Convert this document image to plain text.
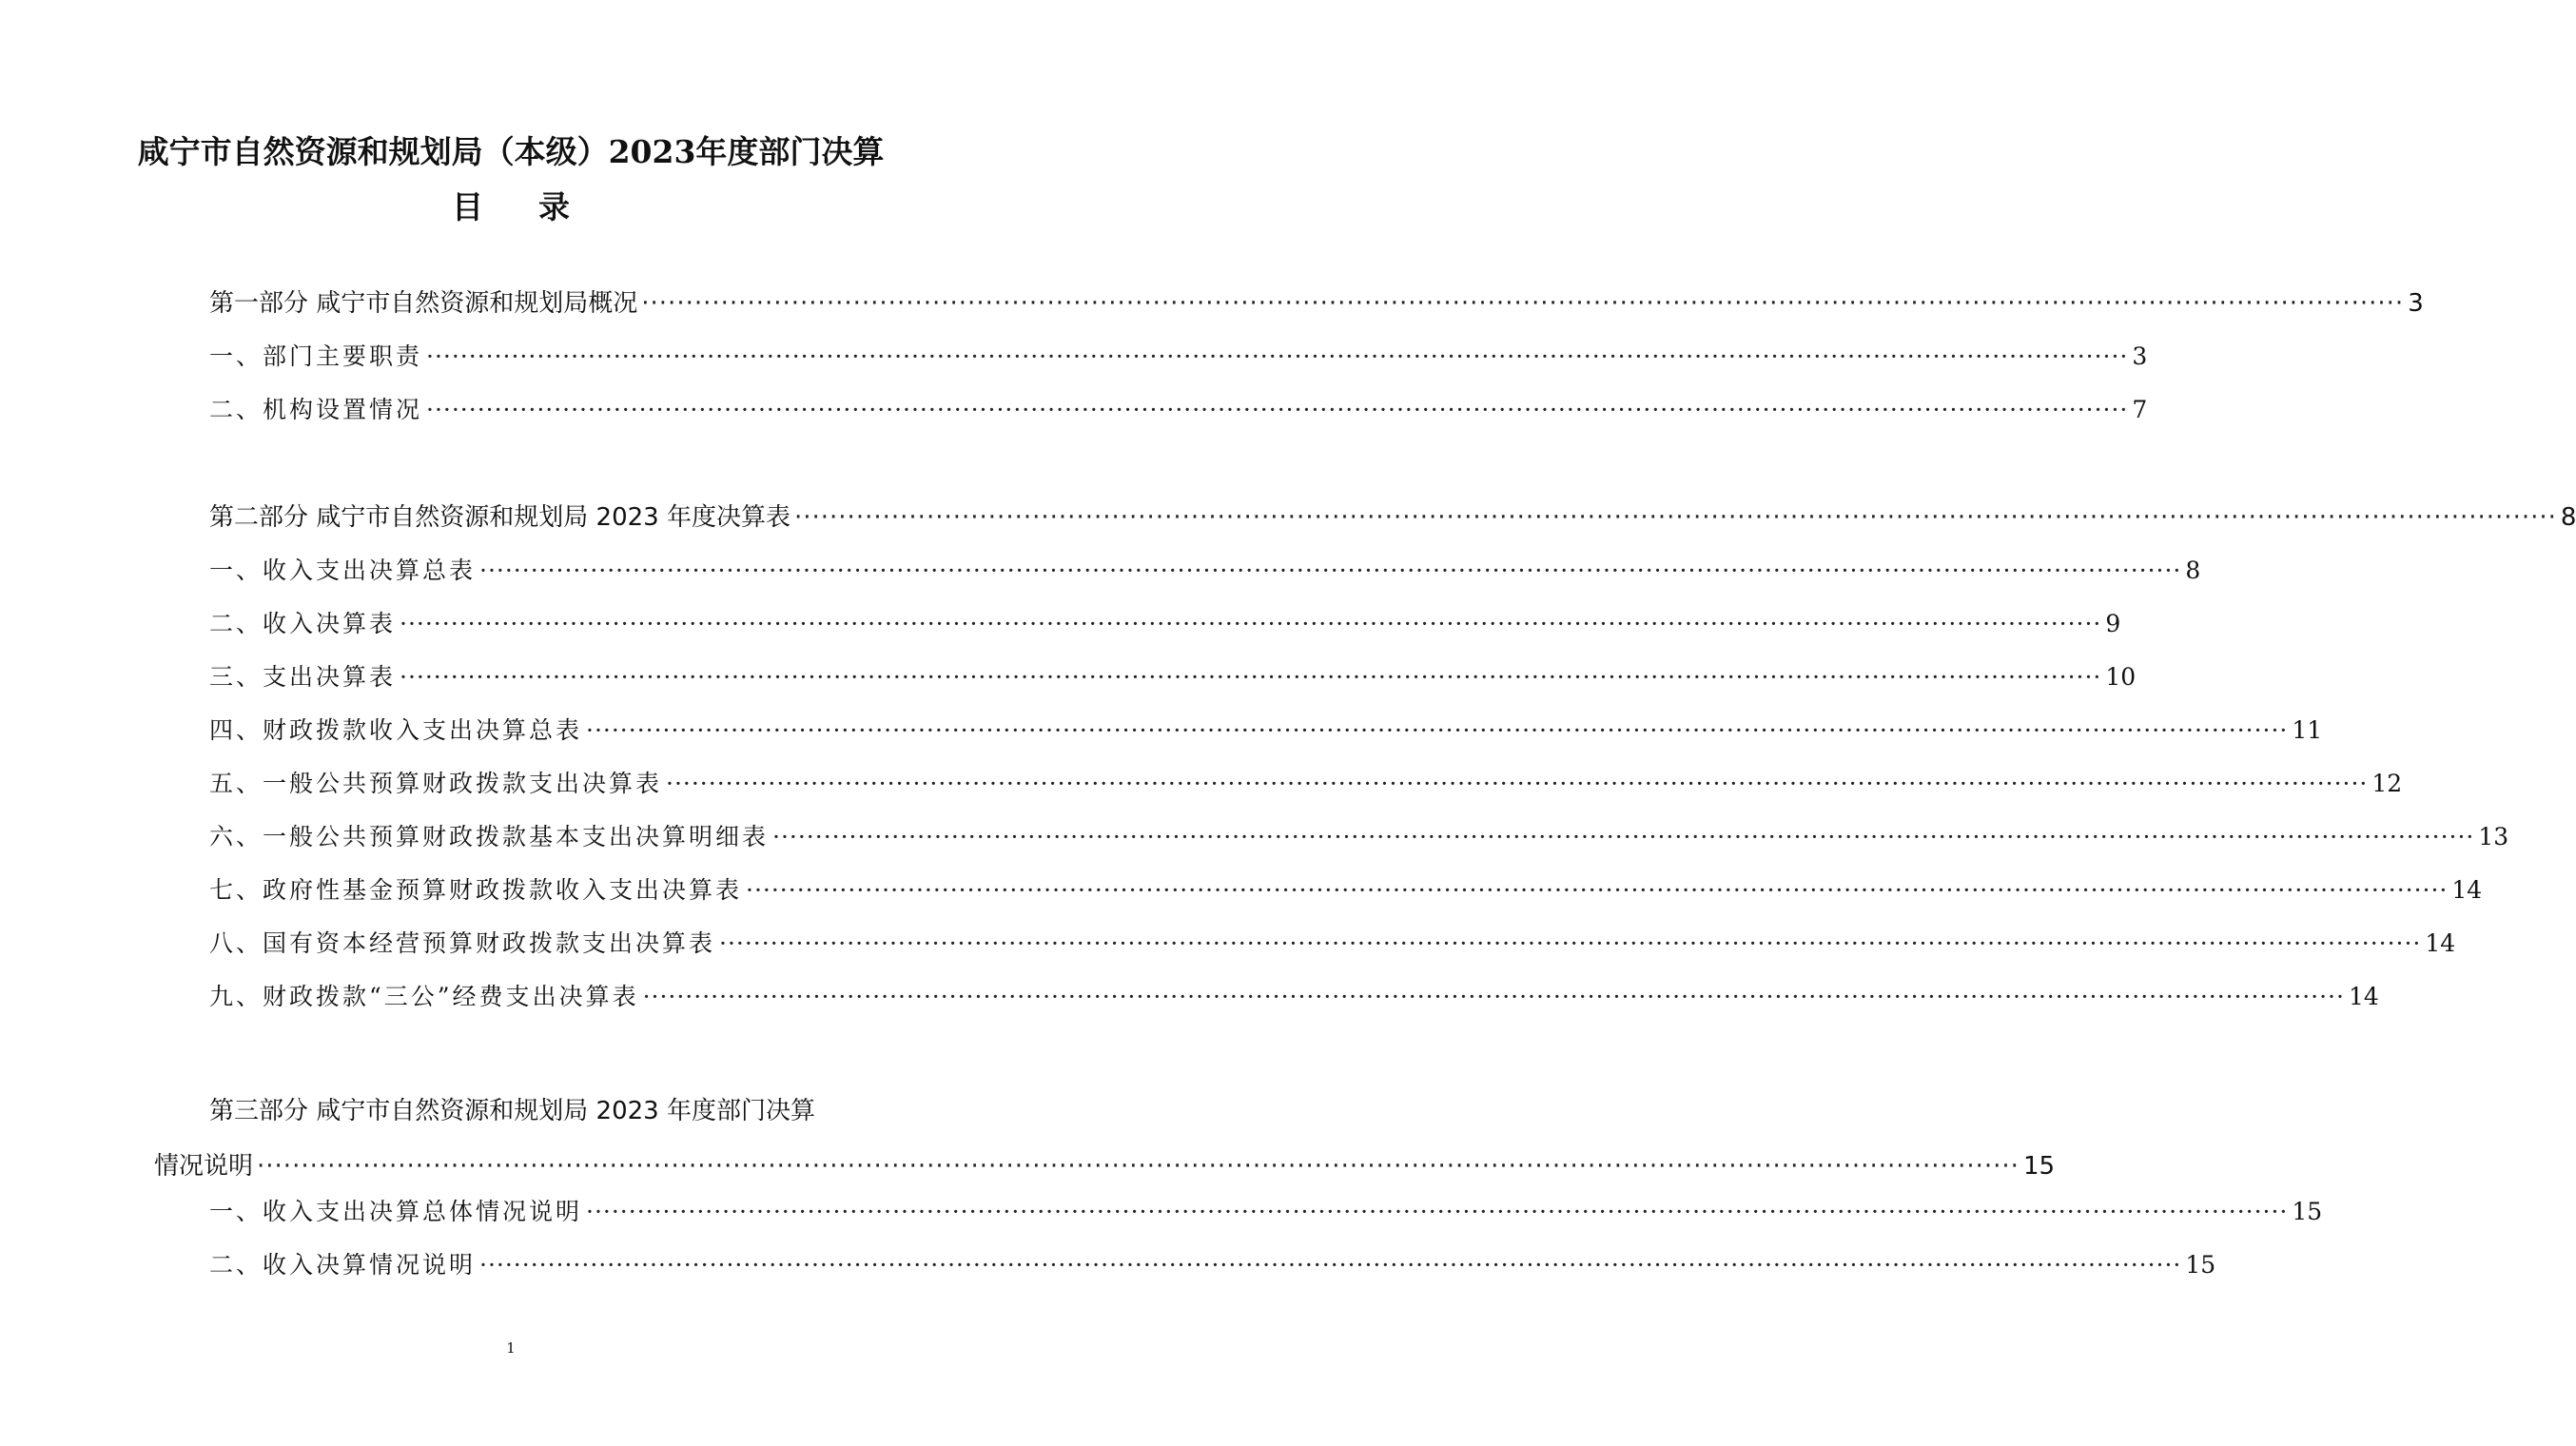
咸宁市自然资源和规划局（本级）2023年度部门决算
目 录
第一部分 咸宁市自然资源和规划局概况 ········································································································································································································ 3
一、部门主要职责 ········································································································································································································ 3
二、机构设置情况 ········································································································································································································ 7
第二部分 咸宁市自然资源和规划局 2023 年度决算表 ········································································································································································································ 8
一、收入支出决算总表 ········································································································································································································ 8
二、收入决算表 ········································································································································································································ 9
三、支出决算表 ········································································································································································································ 10
四、财政拨款收入支出决算总表 ········································································································································································································ 11
五、一般公共预算财政拨款支出决算表 ········································································································································································································ 12
六、一般公共预算财政拨款基本支出决算明细表 ········································································································································································································ 13
七、政府性基金预算财政拨款收入支出决算表 ········································································································································································································ 14
八、国有资本经营预算财政拨款支出决算表 ········································································································································································································ 14
九、财政拨款“三公”经费支出决算表 ········································································································································································································ 14
第三部分 咸宁市自然资源和规划局 2023 年度部门决算
情况说明 ········································································································································································································ 15
一、收入支出决算总体情况说明 ········································································································································································································ 15
二、收入决算情况说明 ········································································································································································································ 15
1
